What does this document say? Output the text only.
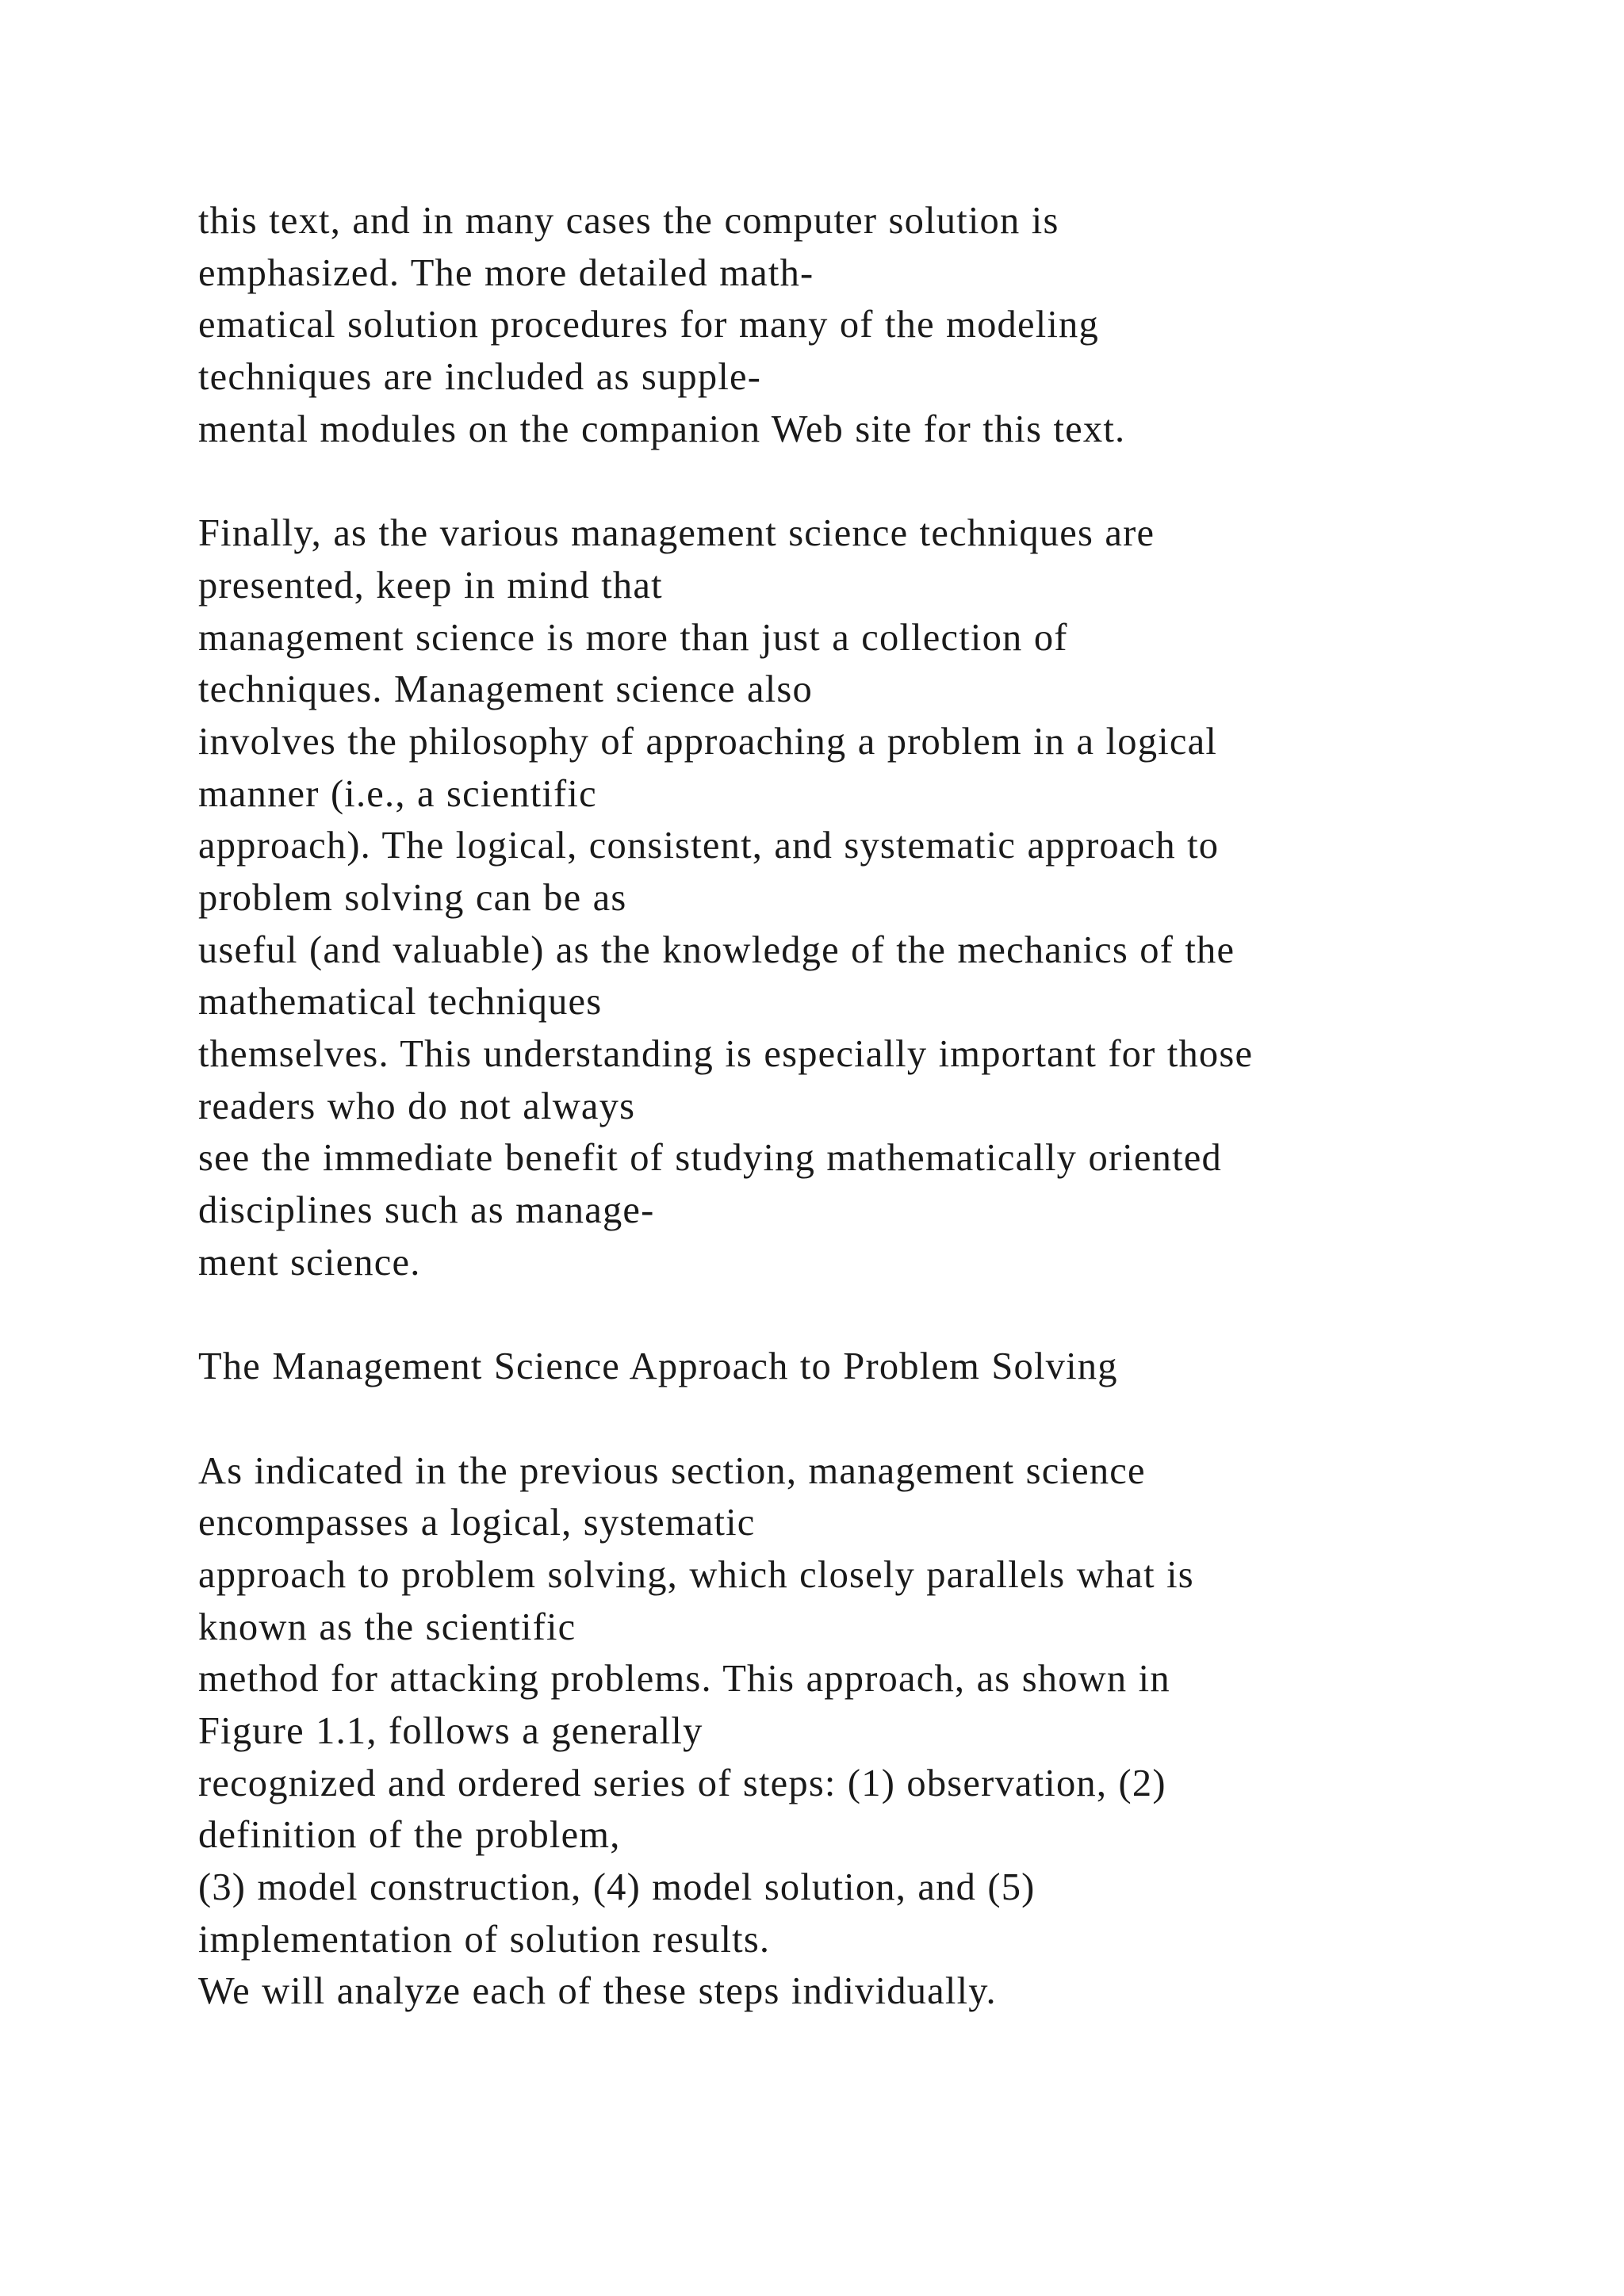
this text, and in many cases the computer solution is
emphasized. The more detailed math-
ematical solution procedures for many of the modeling
techniques are included as supple-
mental modules on the companion Web site for this text.
Finally, as the various management science techniques are
presented, keep in mind that
management science is more than just a collection of
techniques. Management science also
involves the philosophy of approaching a problem in a logical
manner (i.e., a scientific
approach). The logical, consistent, and systematic approach to
problem solving can be as
useful (and valuable) as the knowledge of the mechanics of the
mathematical techniques
themselves. This understanding is especially important for those
readers who do not always
see the immediate benefit of studying mathematically oriented
disciplines such as manage-
ment science.
The Management Science Approach to Problem Solving
As indicated in the previous section, management science
encompasses a logical, systematic
approach to problem solving, which closely parallels what is
known as the scientific
method for attacking problems. This approach, as shown in
Figure 1.1, follows a generally
recognized and ordered series of steps: (1) observation, (2)
definition of the problem,
(3) model construction, (4) model solution, and (5)
implementation of solution results.
We will analyze each of these steps individually.
